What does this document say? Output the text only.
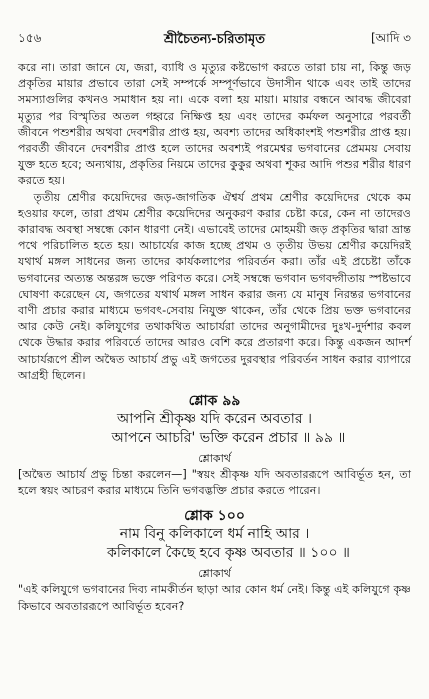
১৫৬	শ্রীচৈতন্য-চরিতামৃত	[আদি ৩

করে না। তারা জানে যে, জরা, ব্যাধি ও মৃত্যুর কষ্টভোগ করতে তারা চায় না, কিন্তু জড় প্রকৃতির মায়ার প্রভাবে তারা সেই সম্পর্কে সম্পূর্ণভাবে উদাসীন থাকে এবং তাই তাদের সমস্যাগুলির কখনও সমাধান হয় না। একে বলা হয় মায়া। মায়ার বন্ধনে আবদ্ধ জীবেরা মৃত্যুর পর বিস্মৃতির অতল গহ্বরে নিক্ষিপ্ত হয় এবং তাদের কর্মফল অনুসারে পরবর্তী জীবনে পশুশরীর অথবা দেবশরীর প্রাপ্ত হয়, অবশ্য তাদের অধিকাংশই পশুশরীর প্রাপ্ত হয়। পরবর্তী জীবনে দেবশরীর প্রাপ্ত হলে তাদের অবশ্যই পরমেশ্বর ভগবানের প্রেমময় সেবায় যুক্ত হতে হবে; অন্যথায়, প্রকৃতির নিয়মে তাদের কুকুর অথবা শূকর আদি পশুর শরীর ধারণ করতে হয়।

তৃতীয় শ্রেণীর কয়েদিদের জড়-জাগতিক ঐশ্বর্য প্রথম শ্রেণীর কয়েদিদের থেকে কম হওয়ার ফলে, তারা প্রথম শ্রেণীর কয়েদিদের অনুকরণ করার চেষ্টা করে, কেন না তাদেরও কারাবদ্ধ অবস্থা সম্বন্ধে কোন ধারণা নেই। এভাবেই তাদের মোহময়ী জড় প্রকৃতির দ্বারা ভ্রান্ত পথে পরিচালিত হতে হয়। আচার্যের কাজ হচ্ছে প্রথম ও তৃতীয় উভয় শ্রেণীর কয়েদিরই যথার্থ মঙ্গল সাধনের জন্য তাদের কার্যকলাপের পরিবর্তন করা। তাঁর এই প্রচেষ্টা তাঁকে ভগবানের অত্যন্ত অন্তরঙ্গ ভক্তে পরিণত করে। সেই সম্বন্ধে ভগবান ভগবদ্গীতায় স্পষ্টভাবে ঘোষণা করেছেন যে, জগতের যথার্থ মঙ্গল সাধন করার জন্য যে মানুষ নিরন্তর ভগবানের বাণী প্রচার করার মাধ্যমে ভগবৎ-সেবায় নিযুক্ত থাকেন, তাঁর থেকে প্রিয় ভক্ত ভগবানের আর কেউ নেই। কলিযুগের তথাকথিত আচার্যরা তাদের অনুগামীদের দুঃখ-দুর্দশার কবল থেকে উদ্ধার করার পরিবর্তে তাদের আরও বেশি করে প্রতারণা করে। কিন্তু একজন আদর্শ আচার্যরূপে শ্রীল অদ্বৈত আচার্য প্রভু এই জগতের দুরবস্থার পরিবর্তন সাধন করার ব্যাপারে আগ্রহী ছিলেন।

শ্লোক ৯৯
আপনি শ্রীকৃষ্ণ যদি করেন অবতার ।
আপনে আচরি' ভক্তি করেন প্রচার ॥ ৯৯ ॥
শ্লোকার্থ

[অদ্বৈত আচার্য প্রভু চিন্তা করলেন—] "স্বয়ং শ্রীকৃষ্ণ যদি অবতাররূপে আবির্ভূত হন, তা হলে স্বয়ং আচরণ করার মাধ্যমে তিনি ভগবদ্ভক্তি প্রচার করতে পারেন।

শ্লোক ১০০
নাম বিনু কলিকালে ধর্ম নাহি আর ।
কলিকালে কৈছে হবে কৃষ্ণ অবতার ॥ ১০০ ॥
শ্লোকার্থ

"এই কলিযুগে ভগবানের দিব্য নামকীর্তন ছাড়া আর কোন ধর্ম নেই। কিন্তু এই কলিযুগে কৃষ্ণ কিভাবে অবতাররূপে আবির্ভূত হবেন?
